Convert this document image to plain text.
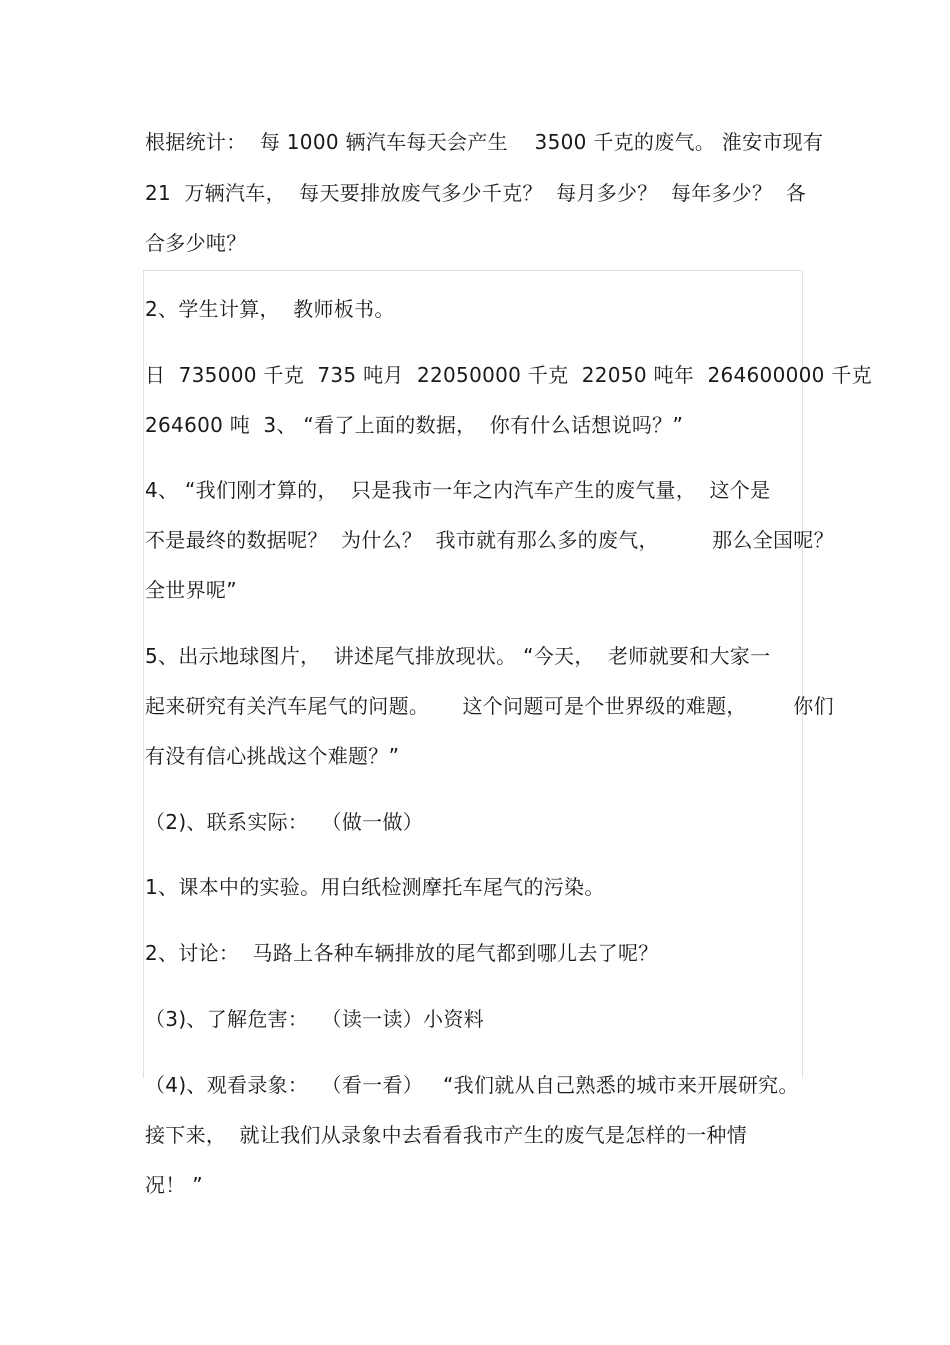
根据统计：  每 1000 辆汽车每天会产生    3500 千克的废气。 淮安市现有
21  万辆汽车，  每天要排放废气多少千克？  每月多少？  每年多少？  各
合多少吨？
2、学生计算，  教师板书。
日  735000 千克  735 吨月  22050000 千克  22050 吨年  264600000 千克
264600 吨  3、 “看了上面的数据，  你有什么话想说吗？”
4、 “我们刚才算的，  只是我市一年之内汽车产生的废气量，  这个是
不是最终的数据呢？  为什么？  我市就有那么多的废气，        那么全国呢？
全世界呢”
5、出示地球图片，  讲述尾气排放现状。 “今天，  老师就要和大家一
起来研究有关汽车尾气的问题。     这个问题可是个世界级的难题，       你们
有没有信心挑战这个难题？”
（2)、联系实际：  （做一做）
1、课本中的实验。用白纸检测摩托车尾气的污染。
2、讨论：  马路上各种车辆排放的尾气都到哪儿去了呢？
（3)、了解危害：  （读一读）小资料
（4)、观看录象：  （看一看）   “我们就从自己熟悉的城市来开展研究。
接下来，  就让我们从录象中去看看我市产生的废气是怎样的一种情
况！ ”
